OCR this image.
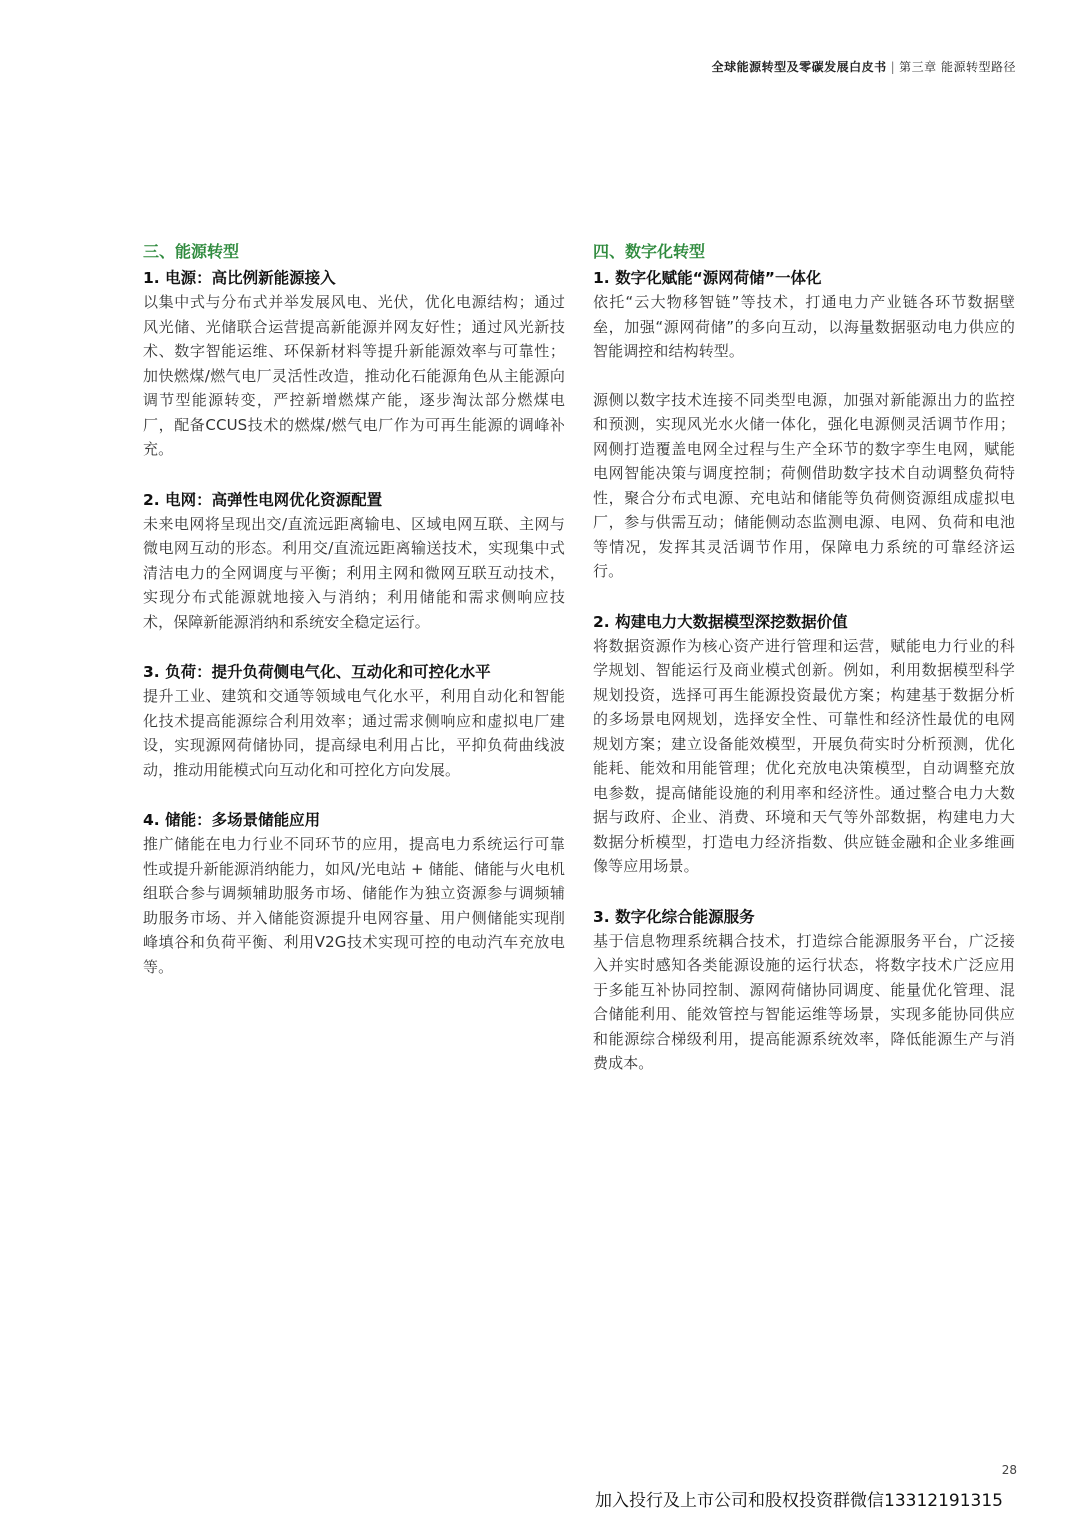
全球能源转型及零碳发展白皮书 | 第三章 能源转型路径
三、能源转型
1. 电源：高比例新能源接入
以集中式与分布式并举发展风电、光伏，优化电源结构；通过风光储、光储联合运营提高新能源并网友好性；通过风光新技术、数字智能运维、环保新材料等提升新能源效率与可靠性；加快燃煤/燃气电厂灵活性改造，推动化石能源角色从主能源向调节型能源转变，严控新增燃煤产能，逐步淘汰部分燃煤电厂，配备CCUS技术的燃煤/燃气电厂作为可再生能源的调峰补充。
2. 电网：高弹性电网优化资源配置
未来电网将呈现出交/直流远距离输电、区域电网互联、主网与微电网互动的形态。利用交/直流远距离输送技术，实现集中式清洁电力的全网调度与平衡；利用主网和微网互联互动技术，实现分布式能源就地接入与消纳；利用储能和需求侧响应技术，保障新能源消纳和系统安全稳定运行。
3. 负荷：提升负荷侧电气化、互动化和可控化水平
提升工业、建筑和交通等领域电气化水平，利用自动化和智能化技术提高能源综合利用效率；通过需求侧响应和虚拟电厂建设，实现源网荷储协同，提高绿电利用占比，平抑负荷曲线波动，推动用能模式向互动化和可控化方向发展。
4. 储能：多场景储能应用
推广储能在电力行业不同环节的应用，提高电力系统运行可靠性或提升新能源消纳能力，如风/光电站 + 储能、储能与火电机组联合参与调频辅助服务市场、储能作为独立资源参与调频辅助服务市场、并入储能资源提升电网容量、用户侧储能实现削峰填谷和负荷平衡、利用V2G技术实现可控的电动汽车充放电等。
四、数字化转型
1. 数字化赋能“源网荷储”一体化
依托“云大物移智链”等技术，打通电力产业链各环节数据壁垒，加强“源网荷储”的多向互动，以海量数据驱动电力供应的智能调控和结构转型。
源侧以数字技术连接不同类型电源，加强对新能源出力的监控和预测，实现风光水火储一体化，强化电源侧灵活调节作用；网侧打造覆盖电网全过程与生产全环节的数字孪生电网，赋能电网智能决策与调度控制；荷侧借助数字技术自动调整负荷特性，聚合分布式电源、充电站和储能等负荷侧资源组成虚拟电厂，参与供需互动；储能侧动态监测电源、电网、负荷和电池等情况，发挥其灵活调节作用，保障电力系统的可靠经济运行。
2. 构建电力大数据模型深挖数据价值
将数据资源作为核心资产进行管理和运营，赋能电力行业的科学规划、智能运行及商业模式创新。例如，利用数据模型科学规划投资，选择可再生能源投资最优方案；构建基于数据分析的多场景电网规划，选择安全性、可靠性和经济性最优的电网规划方案；建立设备能效模型，开展负荷实时分析预测，优化能耗、能效和用能管理；优化充放电决策模型，自动调整充放电参数，提高储能设施的利用率和经济性。通过整合电力大数据与政府、企业、消费、环境和天气等外部数据，构建电力大数据分析模型，打造电力经济指数、供应链金融和企业多维画像等应用场景。
3. 数字化综合能源服务
基于信息物理系统耦合技术，打造综合能源服务平台，广泛接入并实时感知各类能源设施的运行状态，将数字技术广泛应用于多能互补协同控制、源网荷储协同调度、能量优化管理、混合储能利用、能效管控与智能运维等场景，实现多能协同供应和能源综合梯级利用，提高能源系统效率，降低能源生产与消费成本。
28
加入投行及上市公司和股权投资群微信13312191315
